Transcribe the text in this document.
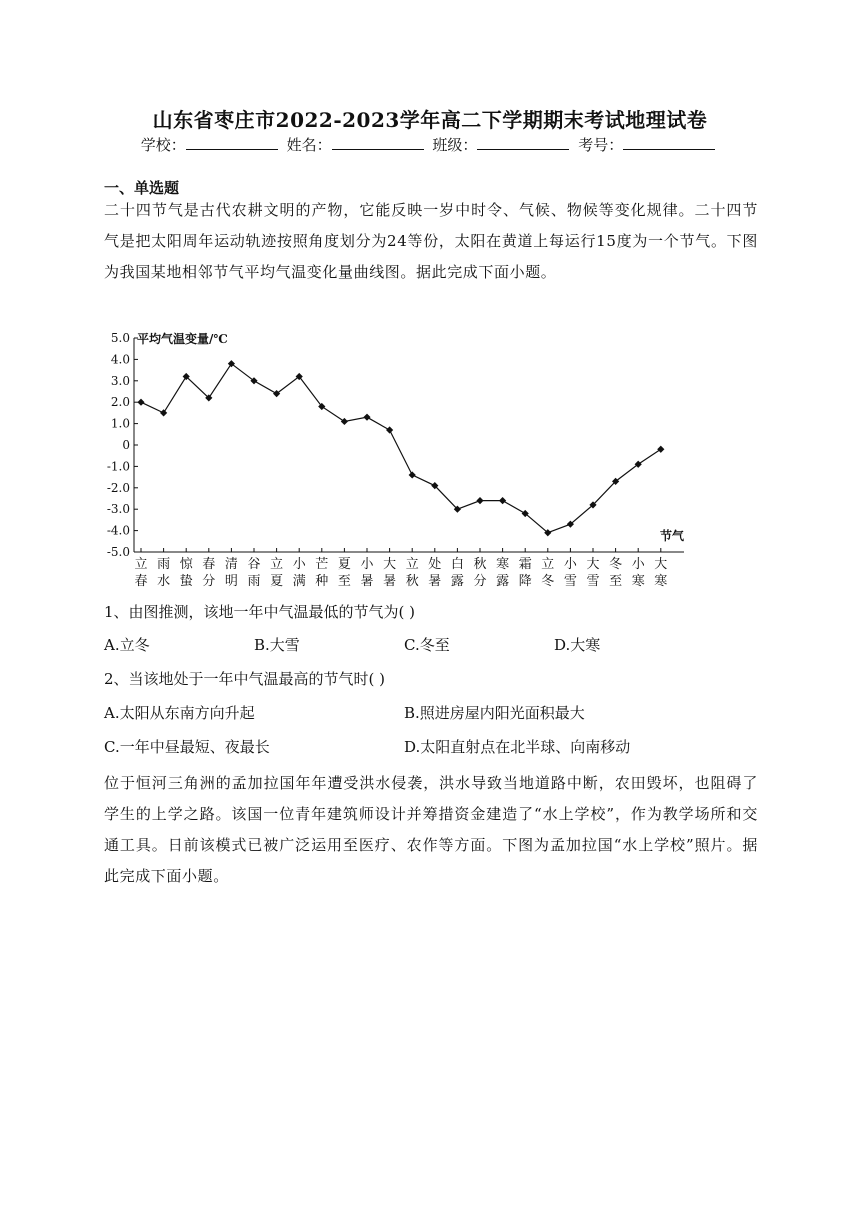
山东省枣庄市2022-2023学年高二下学期期末考试地理试卷
学校：	姓名：	班级：	考号：
一、单选题
二十四节气是古代农耕文明的产物，它能反映一岁中时令、气候、物候等变化规律。二十四节气是把太阳周年运动轨迹按照角度划分为24等份，太阳在黄道上每运行15度为一个节气。下图为我国某地相邻节气平均气温变化量曲线图。据此完成下面小题。
5.0
4.0
3.0
2.0
1.0
0
-1.0
-2.0
-3.0
-4.0
-5.0
平均气温变量/℃
节气
立春
雨水
惊蛰
春分
清明
谷雨
立夏
小满
芒种
夏至
小暑
大暑
立秋
处暑
白露
秋分
寒露
霜降
立冬
小雪
大雪
冬至
小寒
大寒
1、由图推测，该地一年中气温最低的节气为( )
A.立冬	B.大雪	C.冬至	D.大寒
2、当该地处于一年中气温最高的节气时( )
A.太阳从东南方向升起	B.照进房屋内阳光面积最大
C.一年中昼最短、夜最长	D.太阳直射点在北半球、向南移动
位于恒河三角洲的孟加拉国年年遭受洪水侵袭，洪水导致当地道路中断，农田毁坏，也阻碍了学生的上学之路。该国一位青年建筑师设计并筹措资金建造了“水上学校”，作为教学场所和交通工具。日前该模式已被广泛运用至医疗、农作等方面。下图为孟加拉国“水上学校”照片。据此完成下面小题。
